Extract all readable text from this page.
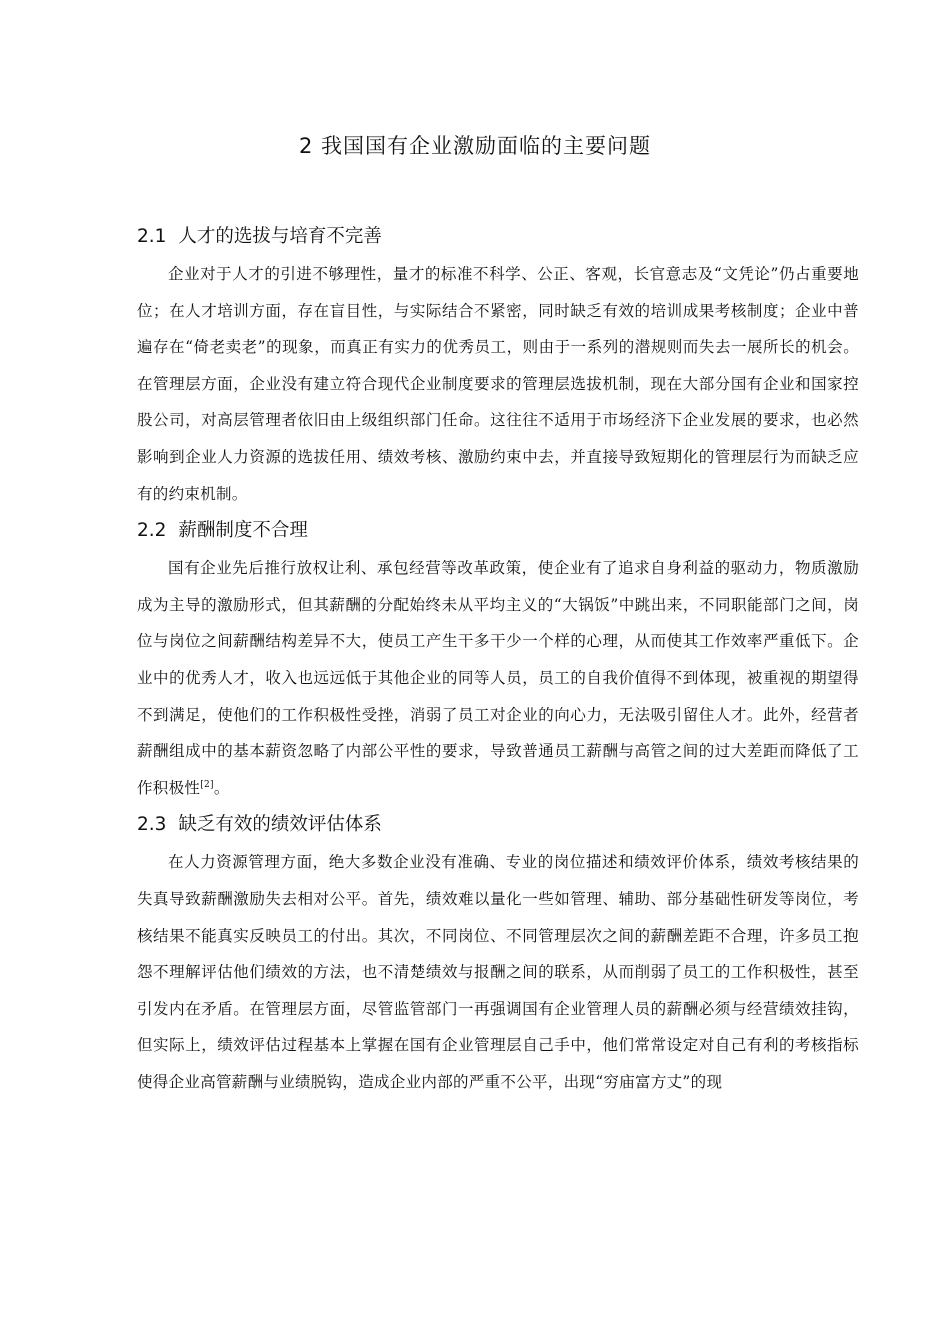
2 我国国有企业激励面临的主要问题
2.1 人才的选拔与培育不完善

企业对于人才的引进不够理性，量才的标准不科学、公正、客观，长官意志及“文凭论”仍占重要地位；在人才培训方面，存在盲目性，与实际结合不紧密，同时缺乏有效的培训成果考核制度；企业中普遍存在“倚老卖老”的现象，而真正有实力的优秀员工，则由于一系列的潜规则而失去一展所长的机会。在管理层方面，企业没有建立符合现代企业制度要求的管理层选拔机制，现在大部分国有企业和国家控股公司，对高层管理者依旧由上级组织部门任命。这往往不适用于市场经济下企业发展的要求，也必然影响到企业人力资源的选拔任用、绩效考核、激励约束中去，并直接导致短期化的管理层行为而缺乏应有的约束机制。

2.2 薪酬制度不合理

国有企业先后推行放权让利、承包经营等改革政策，使企业有了追求自身利益的驱动力，物质激励成为主导的激励形式，但其薪酬的分配始终未从平均主义的“大锅饭”中跳出来，不同职能部门之间，岗位与岗位之间薪酬结构差异不大，使员工产生干多干少一个样的心理，从而使其工作效率严重低下。企业中的优秀人才，收入也远远低于其他企业的同等人员，员工的自我价值得不到体现，被重视的期望得不到满足，使他们的工作积极性受挫，消弱了员工对企业的向心力，无法吸引留住人才。此外，经营者薪酬组成中的基本薪资忽略了内部公平性的要求，导致普通员工薪酬与高管之间的过大差距而降低了工作积极性[2]。

2.3 缺乏有效的绩效评估体系

在人力资源管理方面，绝大多数企业没有准确、专业的岗位描述和绩效评价体系，绩效考核结果的失真导致薪酬激励失去相对公平。首先，绩效难以量化一些如管理、辅助、部分基础性研发等岗位，考核结果不能真实反映员工的付出。其次，不同岗位、不同管理层次之间的薪酬差距不合理，许多员工抱怨不理解评估他们绩效的方法，也不清楚绩效与报酬之间的联系，从而削弱了员工的工作积极性，甚至引发内在矛盾。在管理层方面，尽管监管部门一再强调国有企业管理人员的薪酬必须与经营绩效挂钩，但实际上，绩效评估过程基本上掌握在国有企业管理层自己手中，他们常常设定对自己有利的考核指标使得企业高管薪酬与业绩脱钩，造成企业内部的严重不公平，出现“穷庙富方丈”的现
